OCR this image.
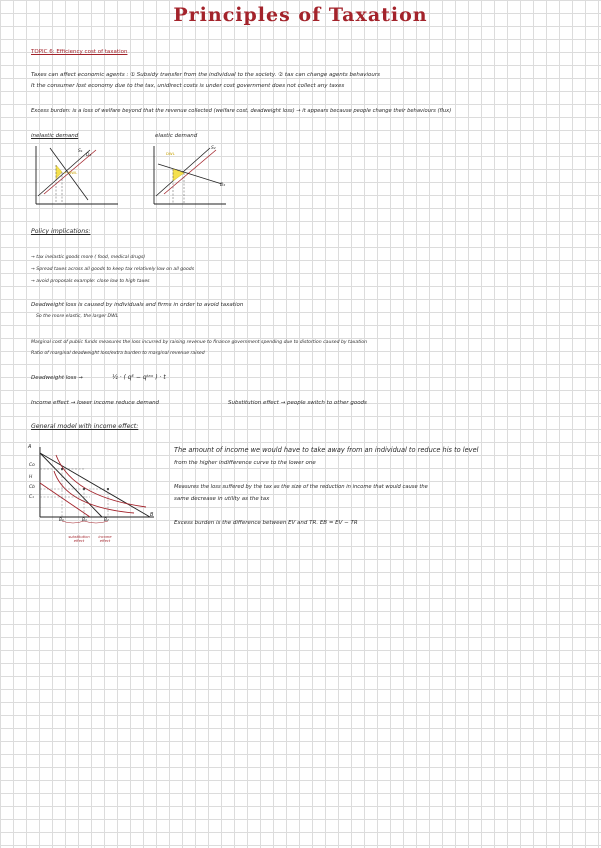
Principles of Taxation
TOPIC 6: Efficiency cost of taxation
Taxes can affect economic agents : ① Subsidy transfer from the individual to the society. ② tax can change agents behaviours
It the consumer lost economy due to the tax, unidirect costs is under cost government does not collect any taxes
Excess burden: is a loss of welfare beyond that the revenue collected (welfare cost, deadweight loss) → it appears because people change their behaviours (flux)
inelastic demand	elastic demand
S₁
D₁
← DWL
DWL
S₂
D₂
Policy implications:
→ tax inelastic goods more ( food, medical drugs)
→ Spread taxes across all goods to keep tax relatively low on all goods
→ avoid proposals example: close low to high taxes
Deadweight loss is caused by individuals and firms in order to avoid taxation
So the more elastic, the larger DWL
Marginal cost of public funds measures the loss incurred by raising revenue to finance government spending due to distortion caused by taxation
Ratio of marginal deadweight loss/extra burden to marginal revenue raised
Deadweight loss →	½ · ( qᴱ − qᵗᵃˣ ) · t
Income effect → lower income reduce demand	Substitution effect → people switch to other goods
General model with income effect:
A
B
Co
H
Cb
C₁
B₀	B₁	B₂
substitution effect
income effect
The amount of income we would have to take away from an individual to reduce his to level
from the higher indifference curve to the lower one
Measures the loss suffered by the tax as the size of the reduction in income that would cause the
same decrease in utility as the tax
Excess burden is the difference between EV and TR. EB = EV − TR
